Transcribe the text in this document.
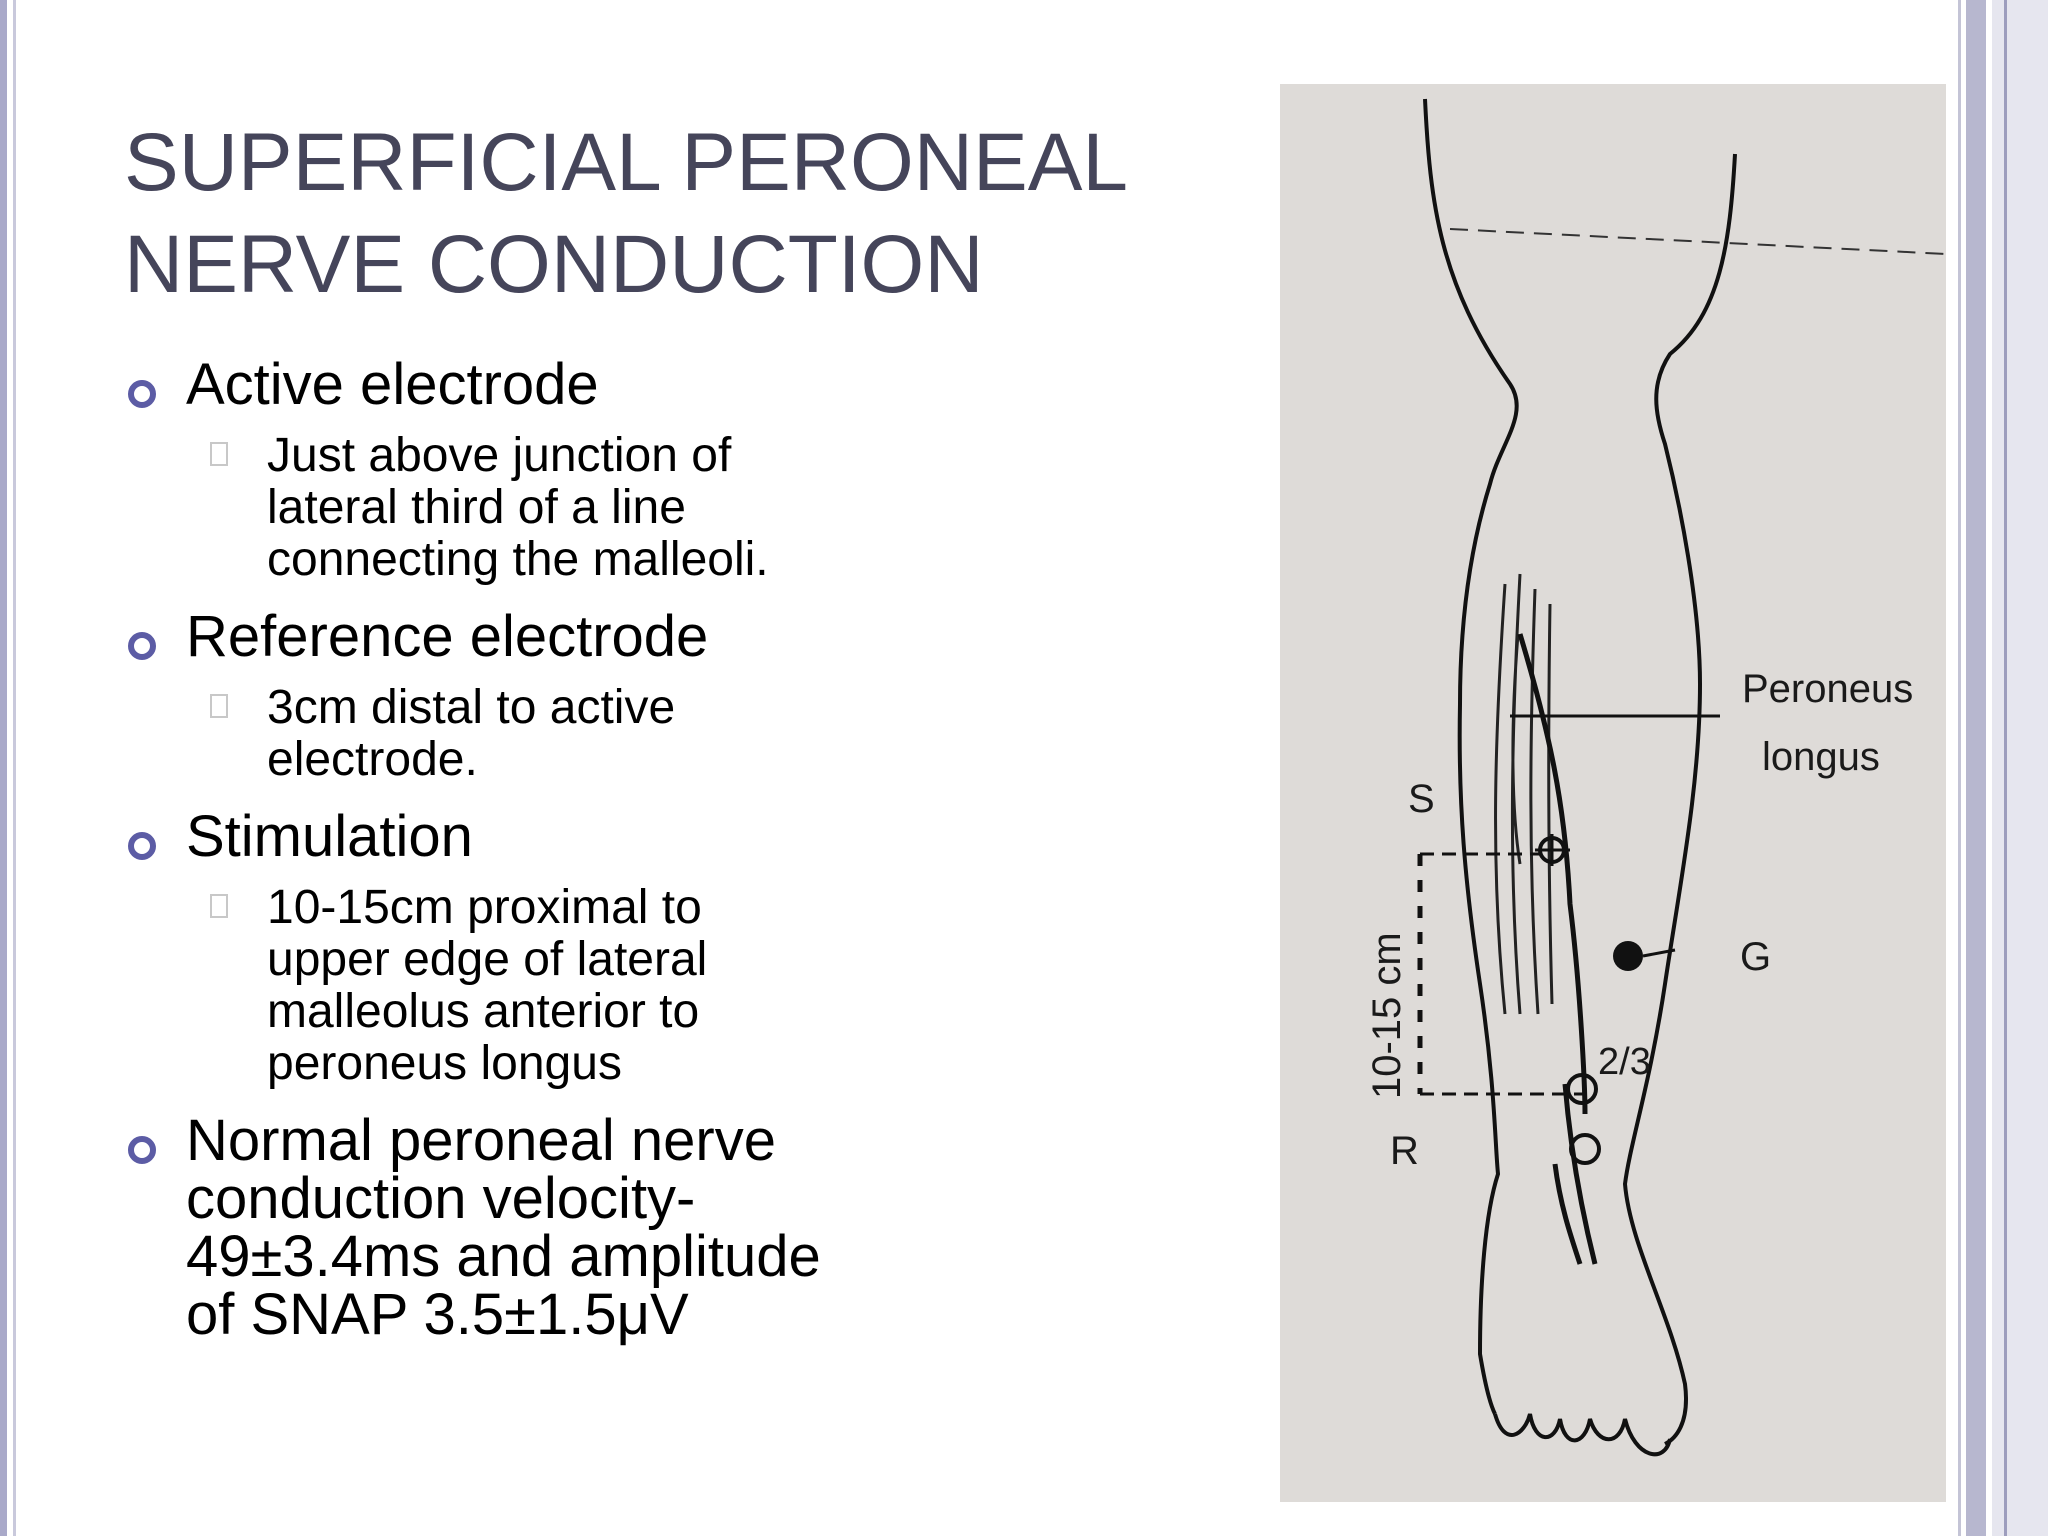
SUPERFICIAL PERONEAL
NERVE CONDUCTION
Active electrode
Just above junction of
lateral third of a line
connecting the malleoli.
Reference electrode
3cm distal to active
electrode.
Stimulation
10-15cm proximal to
upper edge of lateral
malleolus anterior to
peroneus longus
Normal peroneal nerve
conduction velocity-
49±3.4ms and amplitude
of SNAP 3.5±1.5μV
Peroneus
longus
S
G
R
2/3
10-15 cm
